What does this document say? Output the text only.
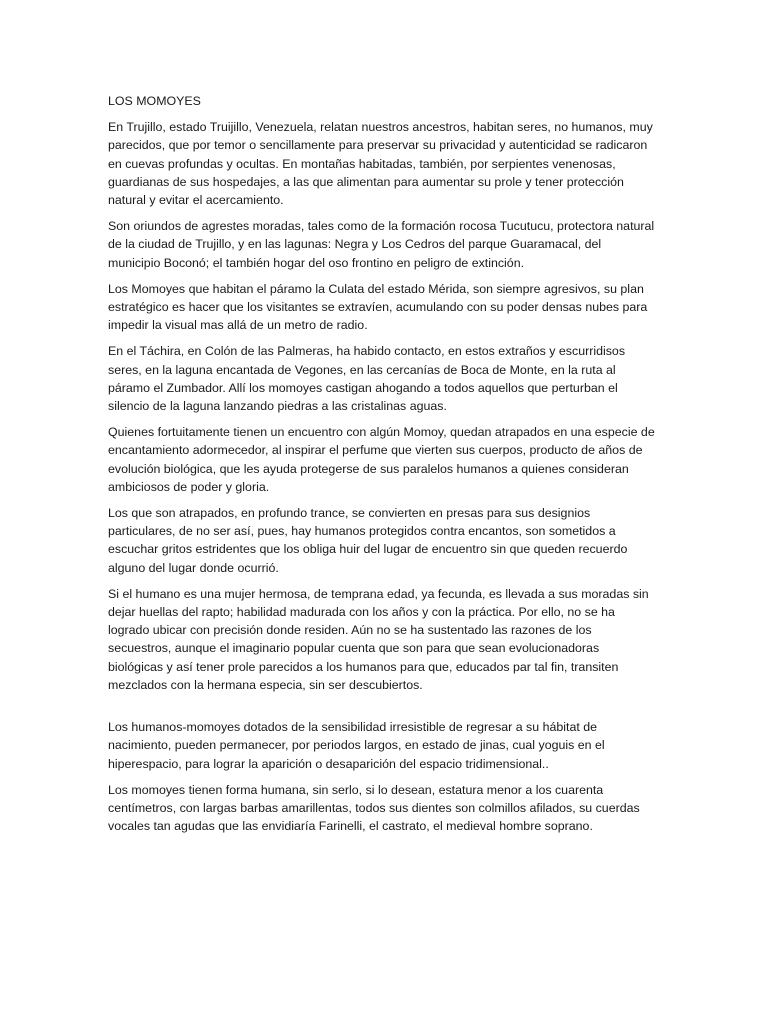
LOS MOMOYES

En Trujillo, estado Truijillo, Venezuela, relatan nuestros ancestros, habitan seres, no humanos, muy parecidos, que por temor o sencillamente para preservar su privacidad y autenticidad se radicaron en cuevas profundas y ocultas. En montañas habitadas, también, por serpientes venenosas, guardianas de sus hospedajes, a las que alimentan para aumentar su prole y tener protección natural y evitar el acercamiento.

Son oriundos de agrestes moradas, tales como de la formación rocosa Tucutucu, protectora natural de la ciudad de Trujillo, y en las lagunas: Negra y Los Cedros del parque Guaramacal, del municipio Boconó; el también hogar del oso frontino en peligro de extinción.

Los Momoyes que habitan el páramo la Culata del estado Mérida, son siempre agresivos, su plan estratégico es hacer que los visitantes se extravíen, acumulando con su poder densas nubes para impedir la visual mas allá de un metro de radio.

En el Táchira, en Colón de las Palmeras, ha habido contacto, en estos extraños y escurridisos seres, en la laguna encantada de Vegones, en las cercanías de Boca de Monte, en la ruta al páramo el Zumbador. Allí los momoyes castigan ahogando a todos aquellos que perturban el silencio de la laguna lanzando piedras a las cristalinas aguas.

Quienes fortuitamente tienen un encuentro con algún Momoy, quedan atrapados en una especie de encantamiento adormecedor, al inspirar el perfume que vierten sus cuerpos, producto de años de evolución biológica, que les ayuda protegerse de sus paralelos humanos a quienes consideran ambiciosos de poder y gloria.

Los que son atrapados, en profundo trance, se convierten en presas para sus designios particulares, de no ser así, pues, hay humanos protegidos contra encantos, son sometidos a escuchar gritos estridentes que los obliga huir del lugar de encuentro sin que queden recuerdo alguno del lugar donde ocurrió.

Si el humano es una mujer hermosa, de temprana edad, ya fecunda, es llevada a sus moradas sin dejar huellas del rapto; habilidad madurada con los años y con la práctica. Por ello, no se ha logrado ubicar con precisión donde residen. Aún no se ha sustentado las razones de los secuestros, aunque el imaginario popular cuenta que son para que sean evolucionadoras biológicas y así tener prole parecidos a los humanos para que, educados par tal fin, transiten mezclados con la hermana especia, sin ser descubiertos.

Los humanos-momoyes dotados de la sensibilidad irresistible de regresar a su hábitat de nacimiento, pueden permanecer, por periodos largos, en estado de jinas, cual yoguis en el hiperespacio, para lograr la aparición o desaparición del espacio tridimensional..

Los momoyes tienen forma humana, sin serlo, si lo desean, estatura menor a los cuarenta centímetros, con largas barbas amarillentas, todos sus dientes son colmillos afilados, su cuerdas vocales tan agudas que las envidiaría Farinelli, el castrato, el medieval hombre soprano.
